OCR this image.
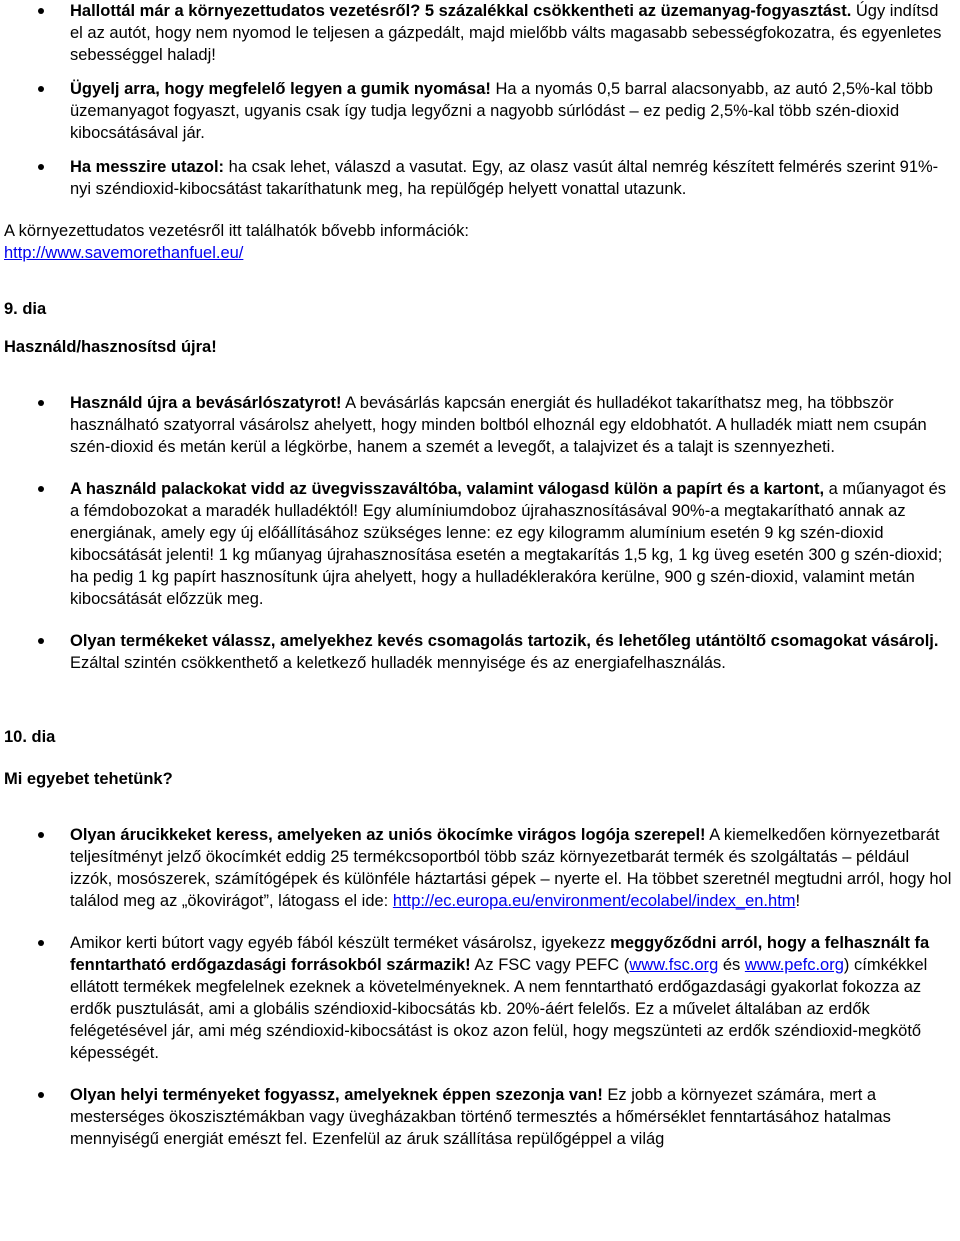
Hallottál már a környezettudatos vezetésről? 5 százalékkal csökkentheti az üzemanyag-fogyasztást. Úgy indítsd el az autót, hogy nem nyomod le teljesen a gázpedált, majd mielőbb válts magasabb sebességfokozatra, és egyenletes sebességgel haladj!
Ügyelj arra, hogy megfelelő legyen a gumik nyomása! Ha a nyomás 0,5 barral alacsonyabb, az autó 2,5%-kal több üzemanyagot fogyaszt, ugyanis csak így tudja legyőzni a nagyobb súrlódást – ez pedig 2,5%-kal több szén-dioxid kibocsátásával jár.
Ha messzire utazol: ha csak lehet, válaszd a vasutat. Egy, az olasz vasút által nemrég készített felmérés szerint 91%-nyi széndioxid-kibocsátást takaríthatunk meg, ha repülőgép helyett vonattal utazunk.
A környezettudatos vezetésről itt találhatók bővebb információk:
http://www.savemorethanfuel.eu/
9. dia
Használd/hasznosítsd újra!
Használd újra a bevásárlószatyrot! A bevásárlás kapcsán energiát és hulladékot takaríthatsz meg, ha többször használható szatyorral vásárolsz ahelyett, hogy minden boltból elhoznál egy eldobhatót. A hulladék miatt nem csupán szén-dioxid és metán kerül a légkörbe, hanem a szemét a levegőt, a talajvizet és a talajt is szennyezheti.
A használd palackokat vidd az üvegvisszaváltóba, valamint válogasd külön a papírt és a kartont, a műanyagot és a fémdobozokat a maradék hulladéktól! Egy alumíniumdoboz újrahasznosításával 90%-a megtakarítható annak az energiának, amely egy új előállításához szükséges lenne: ez egy kilogramm alumínium esetén 9 kg szén-dioxid kibocsátását jelenti! 1 kg műanyag újrahasznosítása esetén a megtakarítás 1,5 kg, 1 kg üveg esetén 300 g szén-dioxid; ha pedig 1 kg papírt hasznosítunk újra ahelyett, hogy a hulladéklerakóra kerülne, 900 g szén-dioxid, valamint metán kibocsátását előzzük meg.
Olyan termékeket válassz, amelyekhez kevés csomagolás tartozik, és lehetőleg utántöltő csomagokat vásárolj. Ezáltal szintén csökkenthető a keletkező hulladék mennyisége és az energiafelhasználás.
10. dia
Mi egyebet tehetünk?
Olyan árucikkeket keress, amelyeken az uniós ökocímke virágos logója szerepel! A kiemelkedően környezetbarát teljesítményt jelző ökocímkét eddig 25 termékcsoportból több száz környezetbarát termék és szolgáltatás – például izzók, mosószerek, számítógépek és különféle háztartási gépek – nyerte el. Ha többet szeretnél megtudni arról, hogy hol találod meg az „ökovirágot”, látogass el ide: http://ec.europa.eu/environment/ecolabel/index_en.htm!
Amikor kerti bútort vagy egyéb fából készült terméket vásárolsz, igyekezz meggyőződni arról, hogy a felhasznált fa fenntartható erdőgazdasági forrásokból származik! Az FSC vagy PEFC (www.fsc.org és www.pefc.org) címkékkel ellátott termékek megfelelnek ezeknek a követelményeknek. A nem fenntartható erdőgazdasági gyakorlat fokozza az erdők pusztulását, ami a globális széndioxid-kibocsátás kb. 20%-áért felelős. Ez a művelet általában az erdők felégetésével jár, ami még széndioxid-kibocsátást is okoz azon felül, hogy megszünteti az erdők széndioxid-megkötő képességét.
Olyan helyi terményeket fogyassz, amelyeknek éppen szezonja van! Ez jobb a környezet számára, mert a mesterséges ökoszisztémákban vagy üvegházakban történő termesztés a hőmérséklet fenntartásához hatalmas mennyiségű energiát emészt fel. Ezenfelül az áruk szállítása repülőgéppel a világ
